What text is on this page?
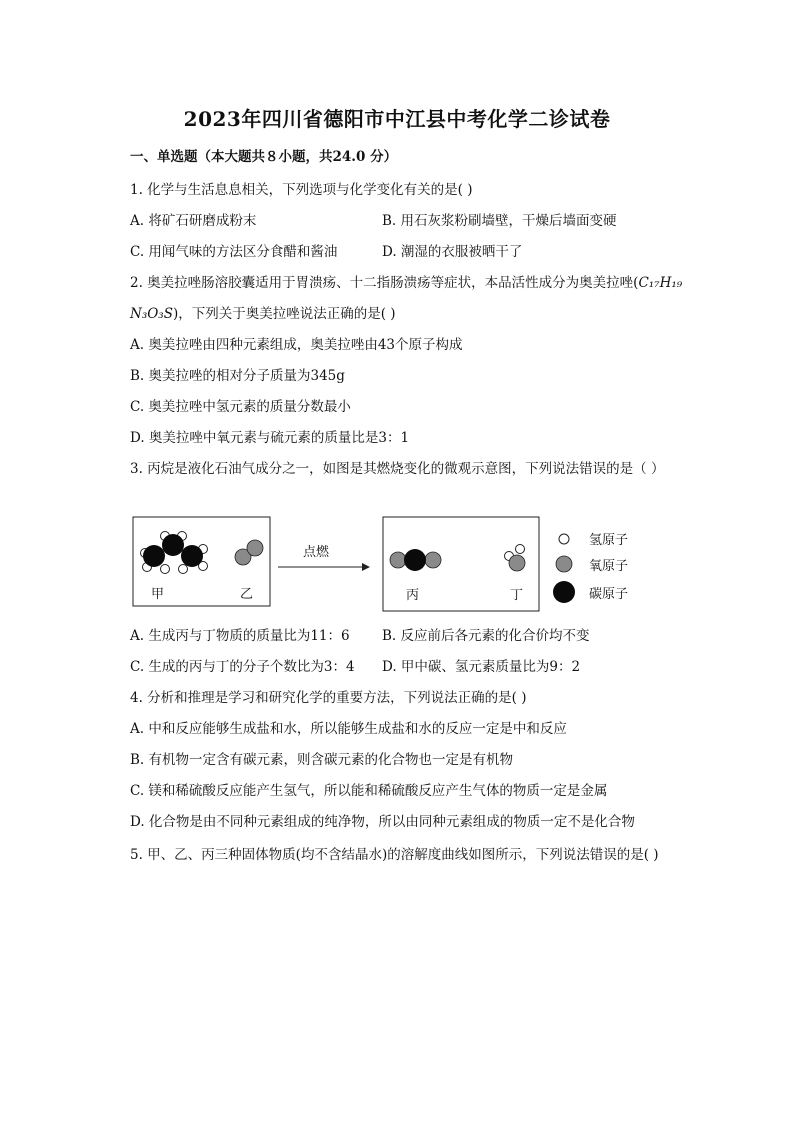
2023年四川省德阳市中江县中考化学二诊试卷
一、单选题（本大题共８小题，共24.0 分）
1. 化学与生活息息相关，下列选项与化学变化有关的是( )
A. 将矿石研磨成粉末	B. 用石灰浆粉刷墙壁，干燥后墙面变硬
C. 用闻气味的方法区分食醋和酱油	D. 潮湿的衣服被晒干了
2. 奥美拉唑肠溶胶囊适用于胃溃疡、十二指肠溃疡等症状，本品活性成分为奥美拉唑(C₁₇H₁₉
N₃O₃S)，下列关于奥美拉唑说法正确的是( )
A. 奥美拉唑由四种元素组成，奥美拉唑由43个原子构成
B. 奥美拉唑的相对分子质量为345g
C. 奥美拉唑中氢元素的质量分数最小
D. 奥美拉唑中氧元素与硫元素的质量比是3：1
3. 丙烷是液化石油气成分之一，如图是其燃烧变化的微观示意图，下列说法错误的是（ ）
甲	乙
点燃
丙	丁
氢原子
氧原子
碳原子
A. 生成丙与丁物质的质量比为11：6 B. 反应前后各元素的化合价均不变
C. 生成的丙与丁的分子个数比为3：4 D. 甲中碳、氢元素质量比为9：2
4. 分析和推理是学习和研究化学的重要方法，下列说法正确的是( )
A. 中和反应能够生成盐和水，所以能够生成盐和水的反应一定是中和反应
B. 有机物一定含有碳元素，则含碳元素的化合物也一定是有机物
C. 镁和稀硫酸反应能产生氢气，所以能和稀硫酸反应产生气体的物质一定是金属
D. 化合物是由不同种元素组成的纯净物，所以由同种元素组成的物质一定不是化合物
5. 甲、乙、丙三种固体物质(均不含结晶水)的溶解度曲线如图所示，下列说法错误的是( )
